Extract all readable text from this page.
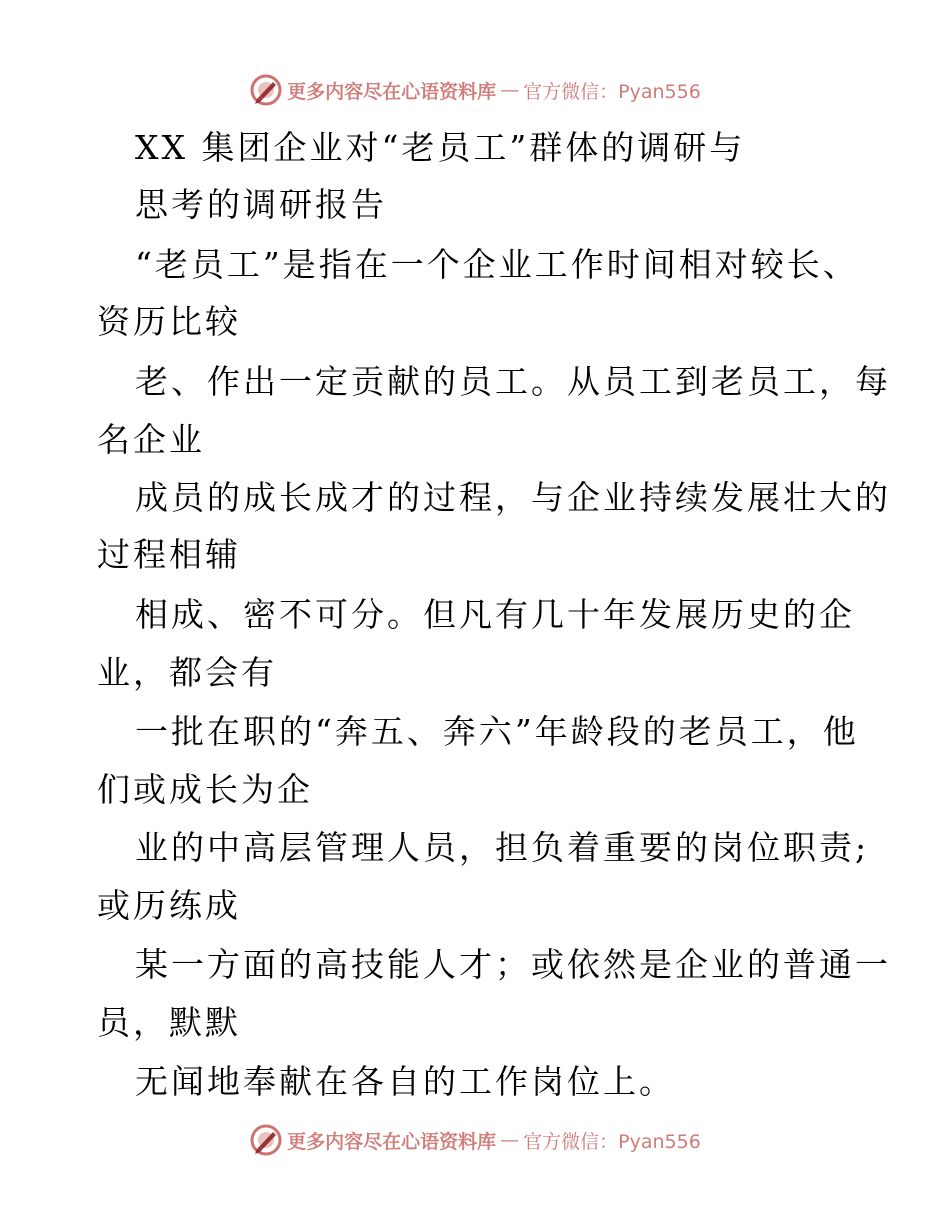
更多内容尽在心语资料库 — 官方微信：Pyan556
XX 集团企业对“老员工”群体的调研与
思考的调研报告
“老员工”是指在一个企业工作时间相对较长、
资历比较
老、作出一定贡献的员工。从员工到老员工，每
名企业
成员的成长成才的过程，与企业持续发展壮大的
过程相辅
相成、密不可分。但凡有几十年发展历史的企
业，都会有
一批在职的“奔五、奔六”年龄段的老员工，他
们或成长为企
业的中高层管理人员，担负着重要的岗位职责;
或历练成
某一方面的高技能人才；或依然是企业的普通一
员，默默
无闻地奉献在各自的工作岗位上。
更多内容尽在心语资料库 — 官方微信：Pyan556
